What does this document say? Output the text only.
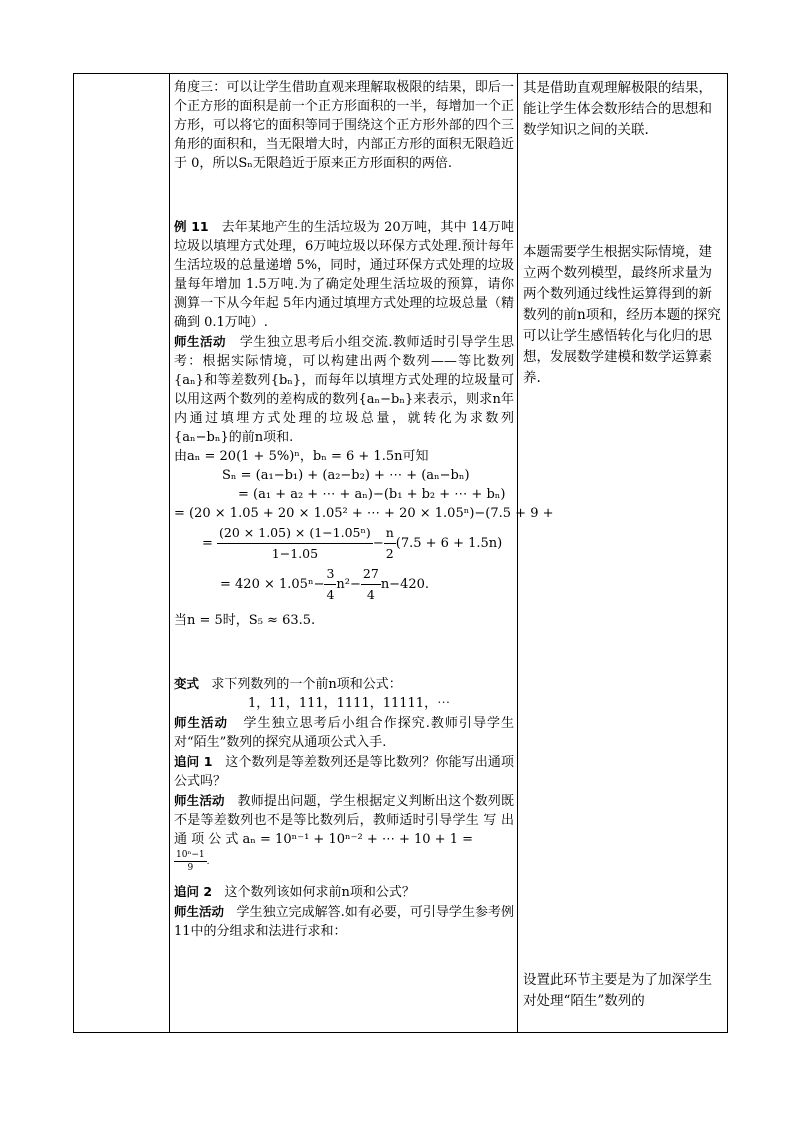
角度三：可以让学生借助直观来理解取极限的结果，即后一个正方形的面积是前一个正方形面积的一半，每增加一个正方形，可以将它的面积等同于围绕这个正方形外部的四个三角形的面积和，当无限增大时，内部正方形的面积无限趋近于 0，所以Sₙ无限趋近于原来正方形面积的两倍.

例 11 去年某地产生的生活垃圾为 20万吨，其中 14万吨垃圾以填埋方式处理，6万吨垃圾以环保方式处理.预计每年生活垃圾的总量递增 5%，同时，通过环保方式处理的垃圾量每年增加 1.5万吨.为了确定处理生活垃圾的预算，请你测算一下从今年起 5年内通过填埋方式处理的垃圾总量（精确到 0.1万吨）.

师生活动 学生独立思考后小组交流.教师适时引导学生思考：根据实际情境，可以构建出两个数列——等比数列{aₙ}和等差数列{bₙ}，而每年以填埋方式处理的垃圾量可以用这两个数列的差构成的数列{aₙ−bₙ}来表示，则求n年内通过填埋方式处理的垃圾总量，就转化为求数列{aₙ−bₙ}的前n项和.

由aₙ = 20(1 + 5%)ⁿ，bₙ = 6 + 1.5n可知

Sₙ = (a₁−b₁) + (a₂−b₂) + ⋯ + (aₙ−bₙ)

= (a₁ + a₂ + ⋯ + aₙ)−(b₁ + b₂ + ⋯ + bₙ)

= (20 × 1.05 + 20 × 1.05² + ⋯ + 20 × 1.05ⁿ)−(7.5 + 9 +

= $\frac{\text{(20 × 1.05) × (1−1.05ⁿ)}}{1-1.05} - \frac{n}{2} (7.5 + 6 + 1.5n)$

= $420 \times 1.05^n- \frac{3}{4} n^2- \frac{27}{4} n-420$.

当n = 5时，S₅ ≈ 63.5.

变式 求下列数列的一个前n项和公式：

1，11，111，1111，11111，⋯

师生活动 学生独立思考后小组合作探究.教师引导学生对“陌生”数列的探究从通项公式入手.

追问 1 这个数列是等差数列还是等比数列？你能写出通项公式吗？

师生活动 教师提出问题，学生根据定义判断出这个数列既不是等差数列也不是等比数列后，教师适时引导学生 写 出 通 项 公 式 aₙ = 10ⁿ⁻¹ + 10ⁿ⁻² + ⋯ + 10 + 1 =

$\frac{\text{10ⁿ−1}}{9}$ .

追问 2 这个数列该如何求前n项和公式？

师生活动 学生独立完成解答.如有必要，可引导学生参考例 11中的分组求和法进行求和：

其是借助直观理解极限的结果，能让学生体会数形结合的思想和数学知识之间的关联.

本题需要学生根据实际情境，建立两个数列模型，最终所求量为两个数列通过线性运算得到的新数列的前n项和，经历本题的探究可以让学生感悟转化与化归的思想，发展数学建模和数学运算素养.

设置此环节主要是为了加深学生对处理“陌生”数列的
